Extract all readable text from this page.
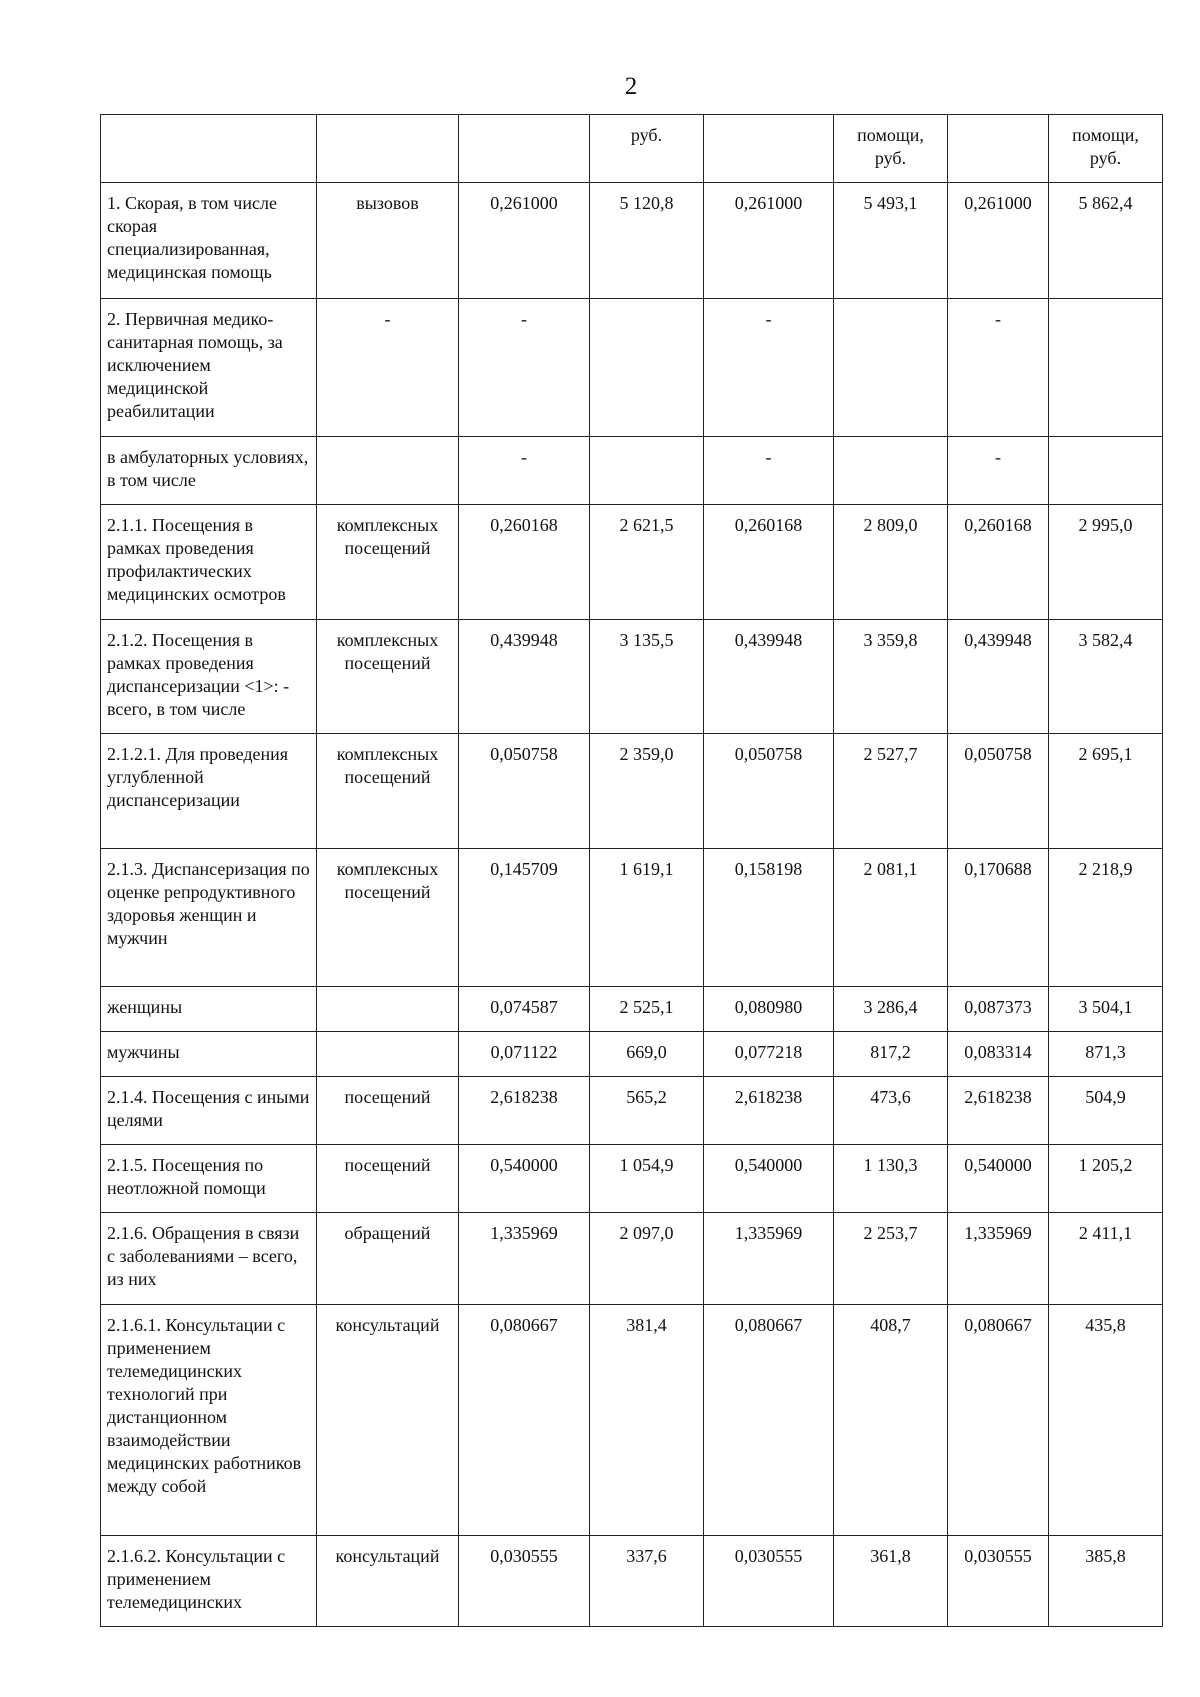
2
			руб.		помощи, руб.		помощи, руб.
1. Скорая, в том числе скорая специализированная, медицинская помощь	вызовов	0,261000	5 120,8	0,261000	5 493,1	0,261000	5 862,4
2. Первичная медико-санитарная помощь, за исключением медицинской реабилитации	-	-		-		-	
в амбулаторных условиях, в том числе		-		-		-	
2.1.1. Посещения в рамках проведения профилактических медицинских осмотров	комплексных посещений	0,260168	2 621,5	0,260168	2 809,0	0,260168	2 995,0
2.1.2. Посещения в рамках проведения диспансеризации <1>: - всего, в том числе	комплексных посещений	0,439948	3 135,5	0,439948	3 359,8	0,439948	3 582,4
2.1.2.1. Для проведения углубленной диспансеризации	комплексных посещений	0,050758	2 359,0	0,050758	2 527,7	0,050758	2 695,1
2.1.3. Диспансеризация по оценке репродуктивного здоровья женщин и мужчин	комплексных посещений	0,145709	1 619,1	0,158198	2 081,1	0,170688	2 218,9
женщины		0,074587	2 525,1	0,080980	3 286,4	0,087373	3 504,1
мужчины		0,071122	669,0	0,077218	817,2	0,083314	871,3
2.1.4. Посещения с иными целями	посещений	2,618238	565,2	2,618238	473,6	2,618238	504,9
2.1.5. Посещения по неотложной помощи	посещений	0,540000	1 054,9	0,540000	1 130,3	0,540000	1 205,2
2.1.6. Обращения в связи с заболеваниями – всего, из них	обращений	1,335969	2 097,0	1,335969	2 253,7	1,335969	2 411,1
2.1.6.1. Консультации с применением телемедицинских технологий при дистанционном взаимодействии медицинских работников между собой	консультаций	0,080667	381,4	0,080667	408,7	0,080667	435,8
2.1.6.2. Консультации с применением телемедицинских	консультаций	0,030555	337,6	0,030555	361,8	0,030555	385,8
